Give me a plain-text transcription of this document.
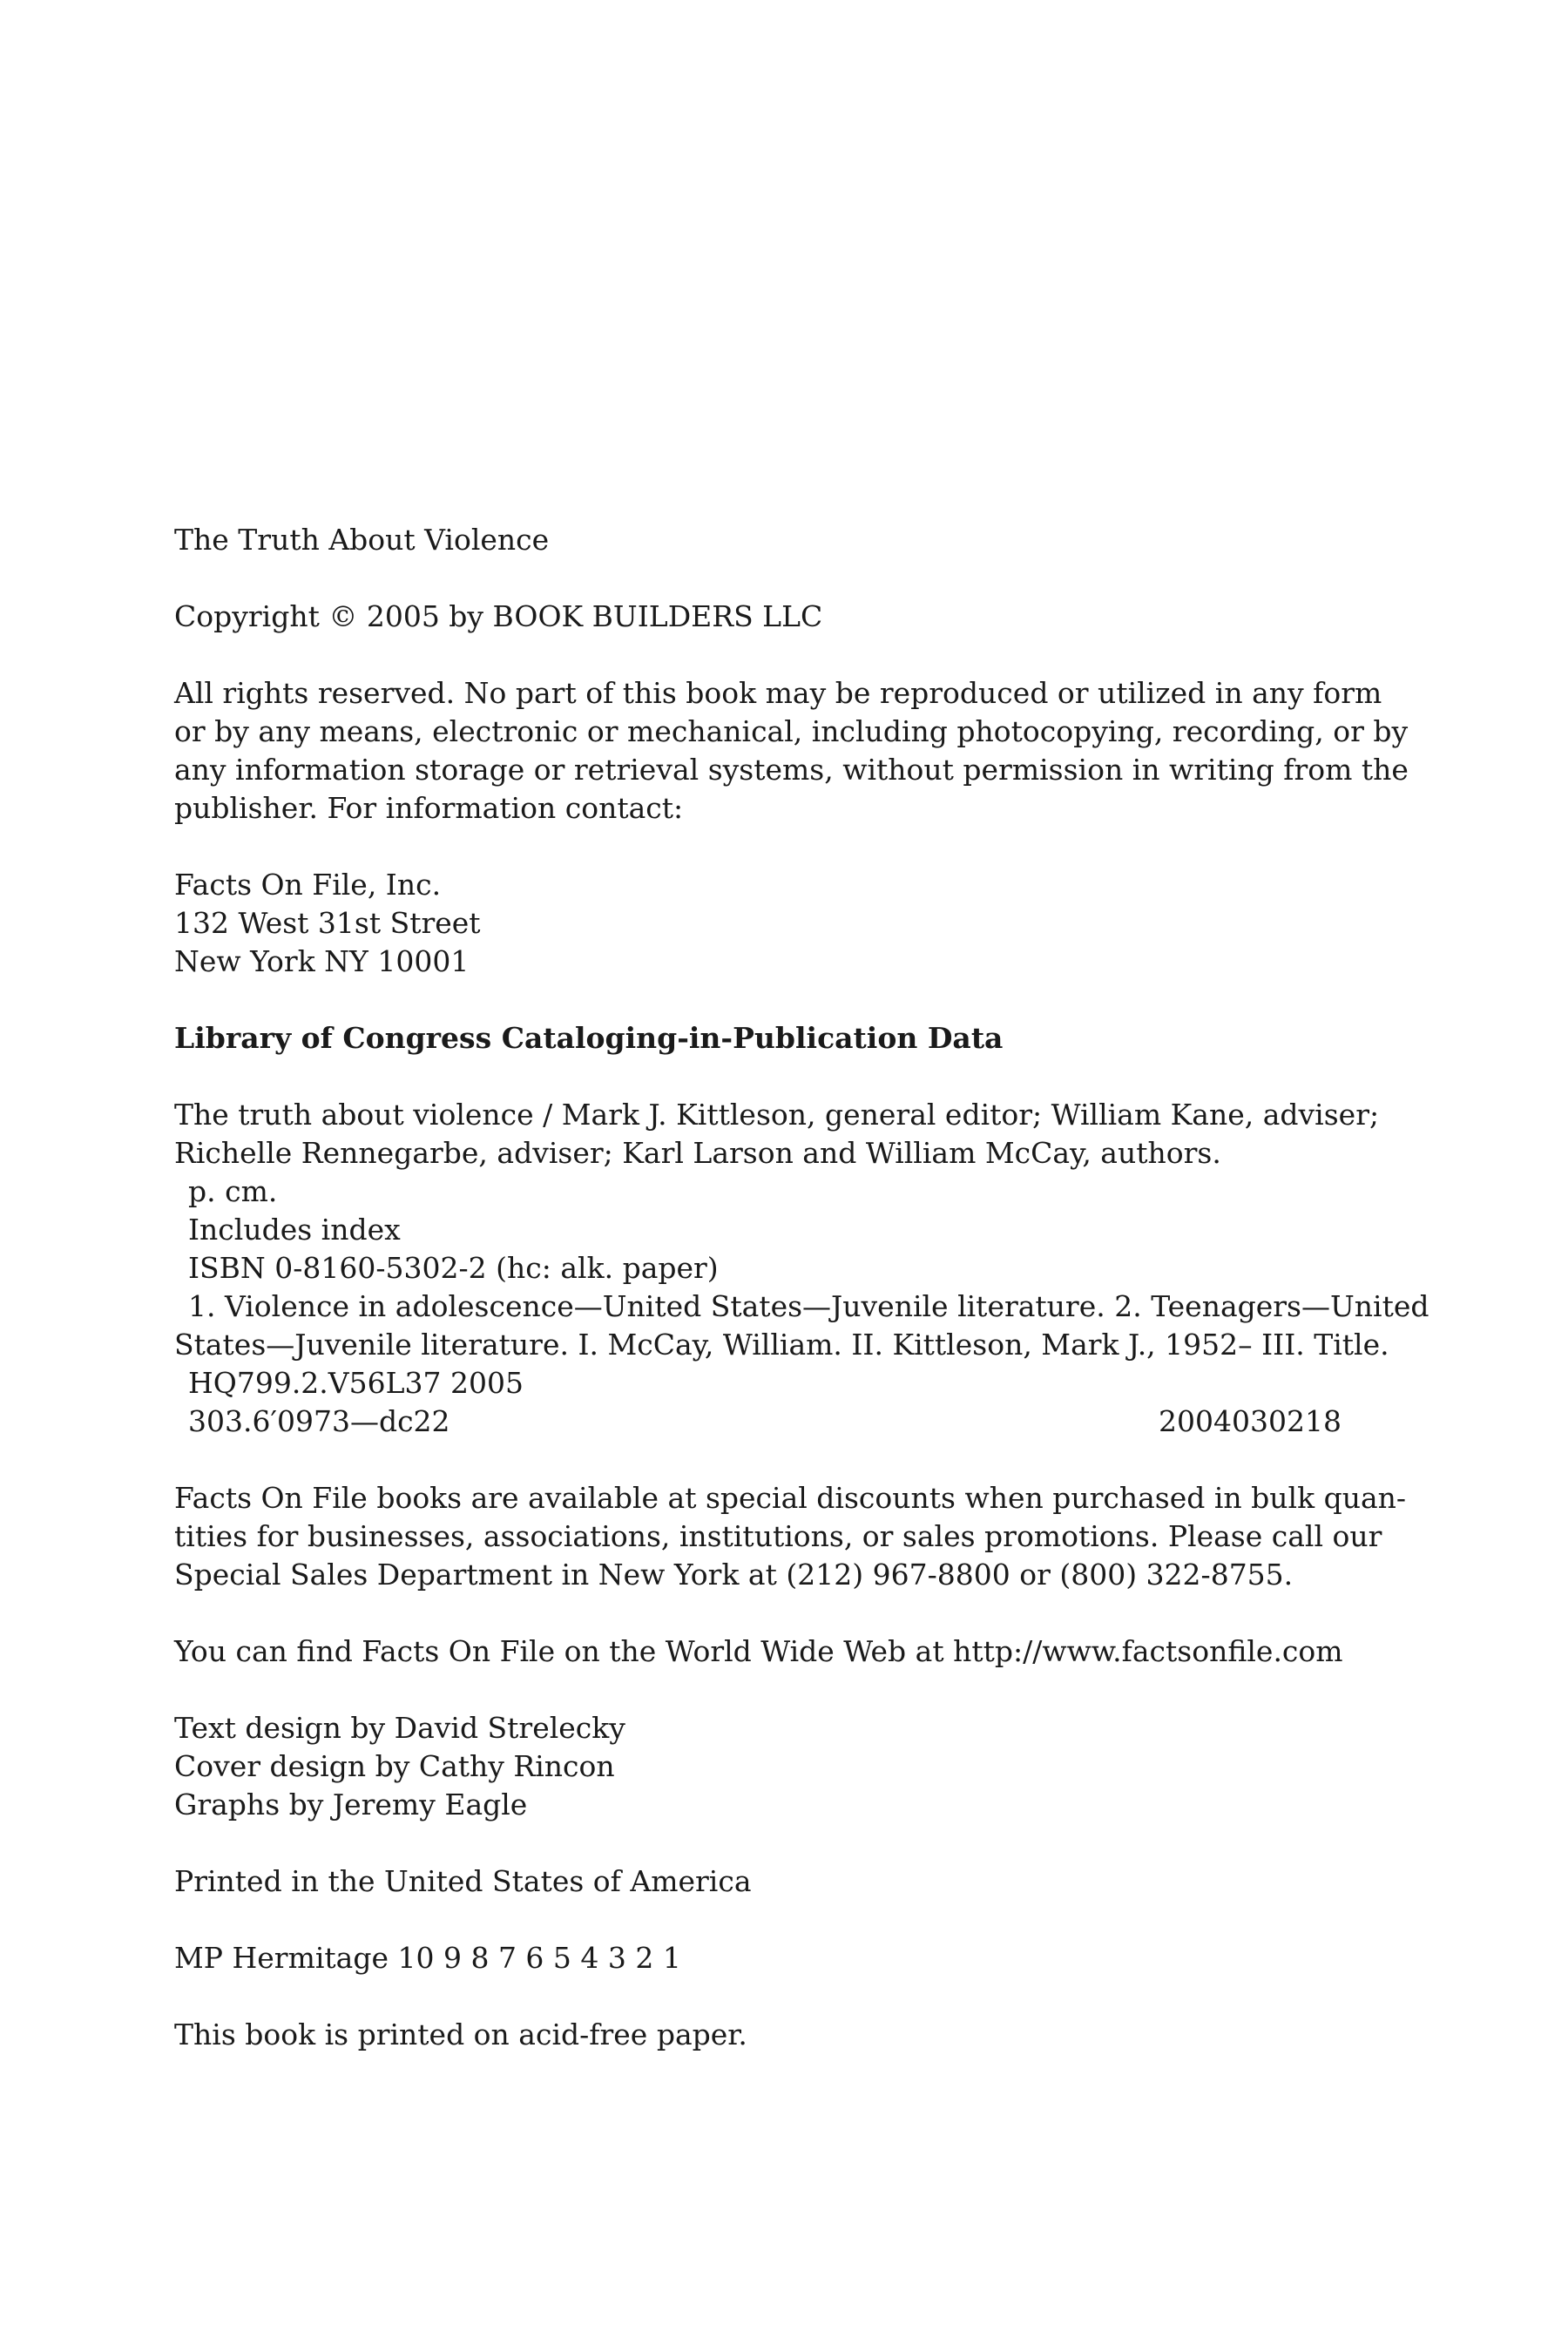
The Truth About Violence

Copyright © 2005 by BOOK BUILDERS LLC

All rights reserved. No part of this book may be reproduced or utilized in any form
or by any means, electronic or mechanical, including photocopying, recording, or by
any information storage or retrieval systems, without permission in writing from the
publisher. For information contact:

Facts On File, Inc.
132 West 31st Street
New York NY 10001

Library of Congress Cataloging-in-Publication Data

The truth about violence / Mark J. Kittleson, general editor; William Kane, adviser;
Richelle Rennegarbe, adviser; Karl Larson and William McCay, authors.
p. cm.
Includes index
ISBN 0-8160-5302-2 (hc: alk. paper)
1. Violence in adolescence—United States—Juvenile literature. 2. Teenagers—United
States—Juvenile literature. I. McCay, William. II. Kittleson, Mark J., 1952– III. Title.
HQ799.2.V56L37 2005
303.6′0973—dc22	2004030218

Facts On File books are available at special discounts when purchased in bulk quan-
tities for businesses, associations, institutions, or sales promotions. Please call our
Special Sales Department in New York at (212) 967-8800 or (800) 322-8755.

You can find Facts On File on the World Wide Web at http://www.factsonfile.com

Text design by David Strelecky
Cover design by Cathy Rincon
Graphs by Jeremy Eagle

Printed in the United States of America

MP Hermitage 10 9 8 7 6 5 4 3 2 1

This book is printed on acid-free paper.
